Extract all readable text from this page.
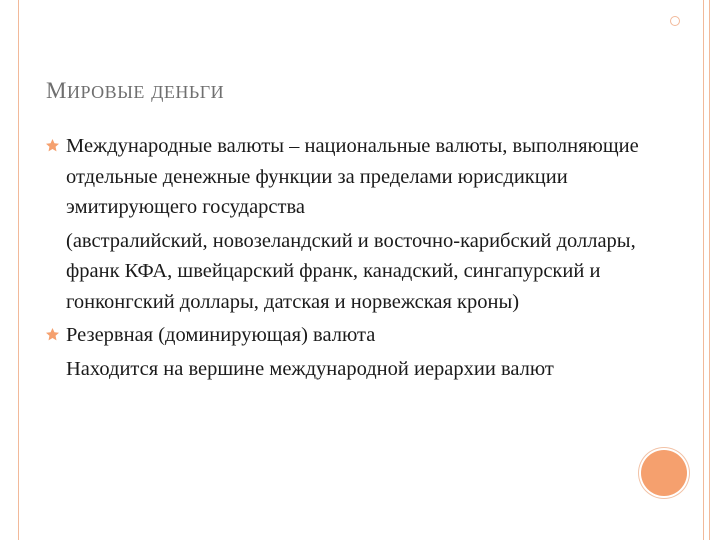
МИРОВЫЕ ДЕНЬГИ
Международные валюты – национальные валюты, выполняющие отдельные денежные функции за пределами юрисдикции эмитирующего государства
(австралийский, новозеландский и восточно-карибский доллары, франк КФА, швейцарский франк, канадский, сингапурский и гонконгский доллары, датская и норвежская кроны)
Резервная (доминирующая) валюта
Находится на вершине международной иерархии валют
